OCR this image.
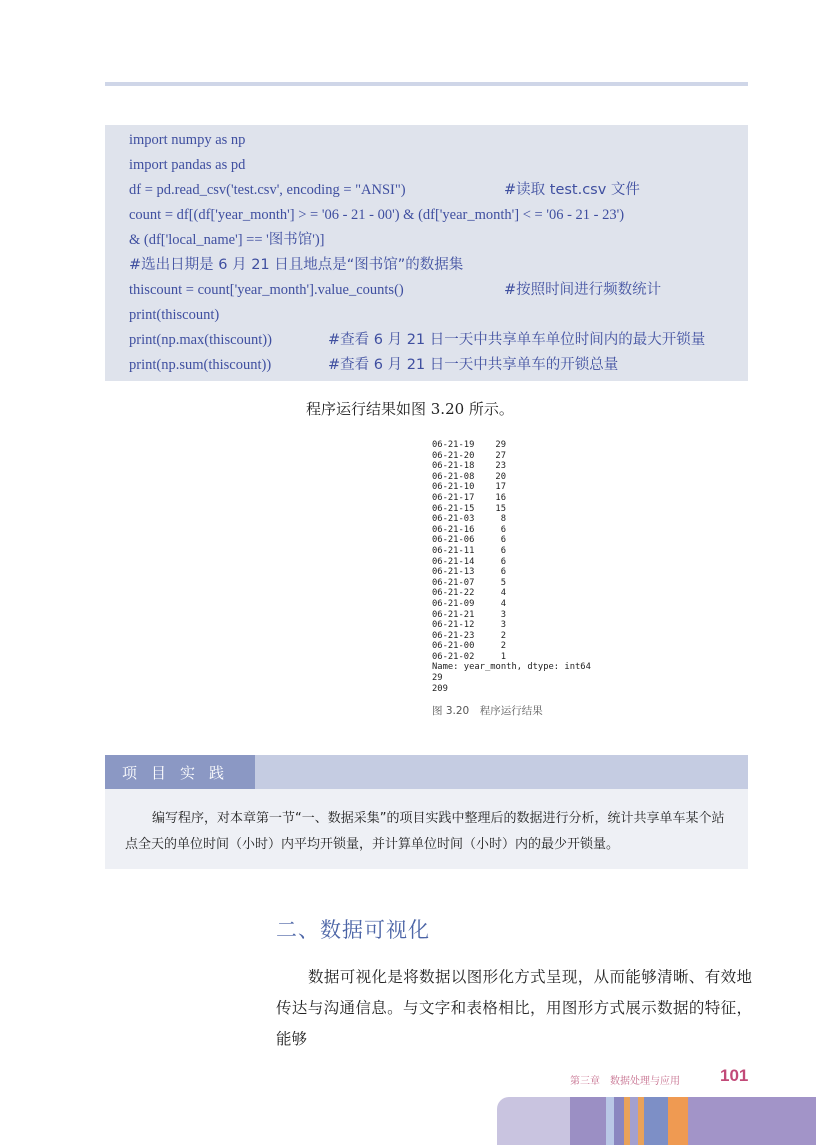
import numpy as np
import pandas as pd
df = pd.read_csv('test.csv', encoding = "ANSI")	#读取 test.csv 文件
count = df[(df['year_month'] > = '06 - 21 - 00') & (df['year_month'] < = '06 - 21 - 23')
& (df['local_name'] == '图书馆')]
#选出日期是 6 月 21 日且地点是“图书馆”的数据集
thiscount = count['year_month'].value_counts()	#按照时间进行频数统计
print(thiscount)
print(np.max(thiscount))	#查看 6 月 21 日一天中共享单车单位时间内的最大开锁量
print(np.sum(thiscount))	#查看 6 月 21 日一天中共享单车的开锁总量
程序运行结果如图 3.20 所示。
06-21-19 29
06-21-20 27
06-21-18 23
06-21-08 20
06-21-10 17
06-21-17 16
06-21-15 15
06-21-03	8
06-21-16	6
06-21-06	6
06-21-11	6
06-21-14	6
06-21-13	6
06-21-07	5
06-21-22	4
06-21-09	4
06-21-21	3
06-21-12	3
06-21-23	2
06-21-00	2
06-21-02	1
Name: year_month, dtype: int64
29
209
图 3.20　程序运行结果
项目实践
编写程序，对本章第一节“一、数据采集”的项目实践中整理后的数据进行分析，统计共享单车某个站点全天的单位时间（小时）内平均开锁量，并计算单位时间（小时）内的最少开锁量。
二、数据可视化
数据可视化是将数据以图形化方式呈现，从而能够清晰、有效地传达与沟通信息。与文字和表格相比，用图形方式展示数据的特征，能够
第三章　数据处理与应用 101
